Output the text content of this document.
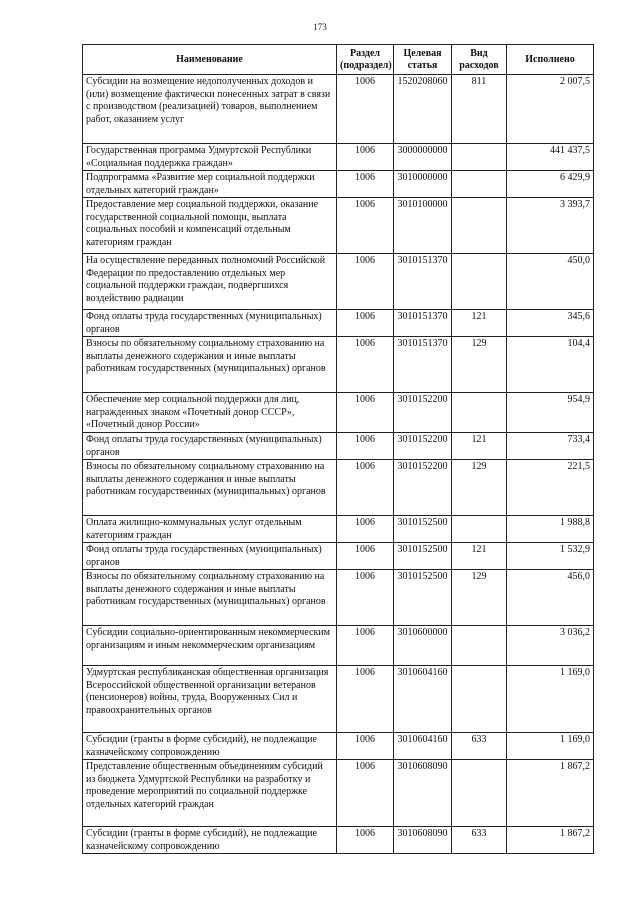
173
Наименование	Раздел (подраздел)	Целевая статья	Вид расходов	Исполнено
Субсидии на возмещение недополученных доходов и (или) возмещение фактически понесенных затрат в связи с производством (реализацией) товаров, выполнением работ, оказанием услуг	1006	1520208060	811	2 007,5
Государственная программа Удмуртской Республики «Социальная поддержка граждан»	1006	3000000000		441 437,5
Подпрограмма «Развитие мер социальной поддержки отдельных категорий граждан»	1006	3010000000		6 429,9
Предоставление мер социальной поддержки, оказание государственной социальной помощи, выплата социальных пособий и компенсаций отдельным категориям граждан	1006	3010100000		3 393,7
На осуществление переданных полномочий Российской Федерации по предоставлению отдельных мер социальной поддержки граждан, подвергшихся воздействию радиации	1006	3010151370		450,0
Фонд оплаты труда государственных (муниципальных) органов	1006	3010151370	121	345,6
Взносы по обязательному социальному страхованию на выплаты денежного содержания и иные выплаты работникам государственных (муниципальных) органов	1006	3010151370	129	104,4
Обеспечение мер социальной поддержки для лиц, награжденных знаком «Почетный донор СССР», «Почетный донор России»	1006	3010152200		954,9
Фонд оплаты труда государственных (муниципальных) органов	1006	3010152200	121	733,4
Взносы по обязательному социальному страхованию на выплаты денежного содержания и иные выплаты работникам государственных (муниципальных) органов	1006	3010152200	129	221,5
Оплата жилищно-коммунальных услуг отдельным категориям граждан	1006	3010152500		1 988,8
Фонд оплаты труда государственных (муниципальных) органов	1006	3010152500	121	1 532,9
Взносы по обязательному социальному страхованию на выплаты денежного содержания и иные выплаты работникам государственных (муниципальных) органов	1006	3010152500	129	456,0
Субсидии социально-ориентированным некоммерческим организациям и иным некоммерческим организациям	1006	3010600000		3 036,2
Удмуртская республиканская общественная организация Всероссийской общественной организации ветеранов (пенсионеров) войны, труда, Вооруженных Сил и правоохранительных органов	1006	3010604160		1 169,0
Субсидии (гранты в форме субсидий), не подлежащие казначейскому сопровождению	1006	3010604160	633	1 169,0
Представление общественным объединениям субсидий из бюджета Удмуртской Республики на разработку и проведение мероприятий по социальной поддержке отдельных категорий граждан	1006	3010608090		1 867,2
Субсидии (гранты в форме субсидий), не подлежащие казначейскому сопровождению	1006	3010608090	633	1 867,2
